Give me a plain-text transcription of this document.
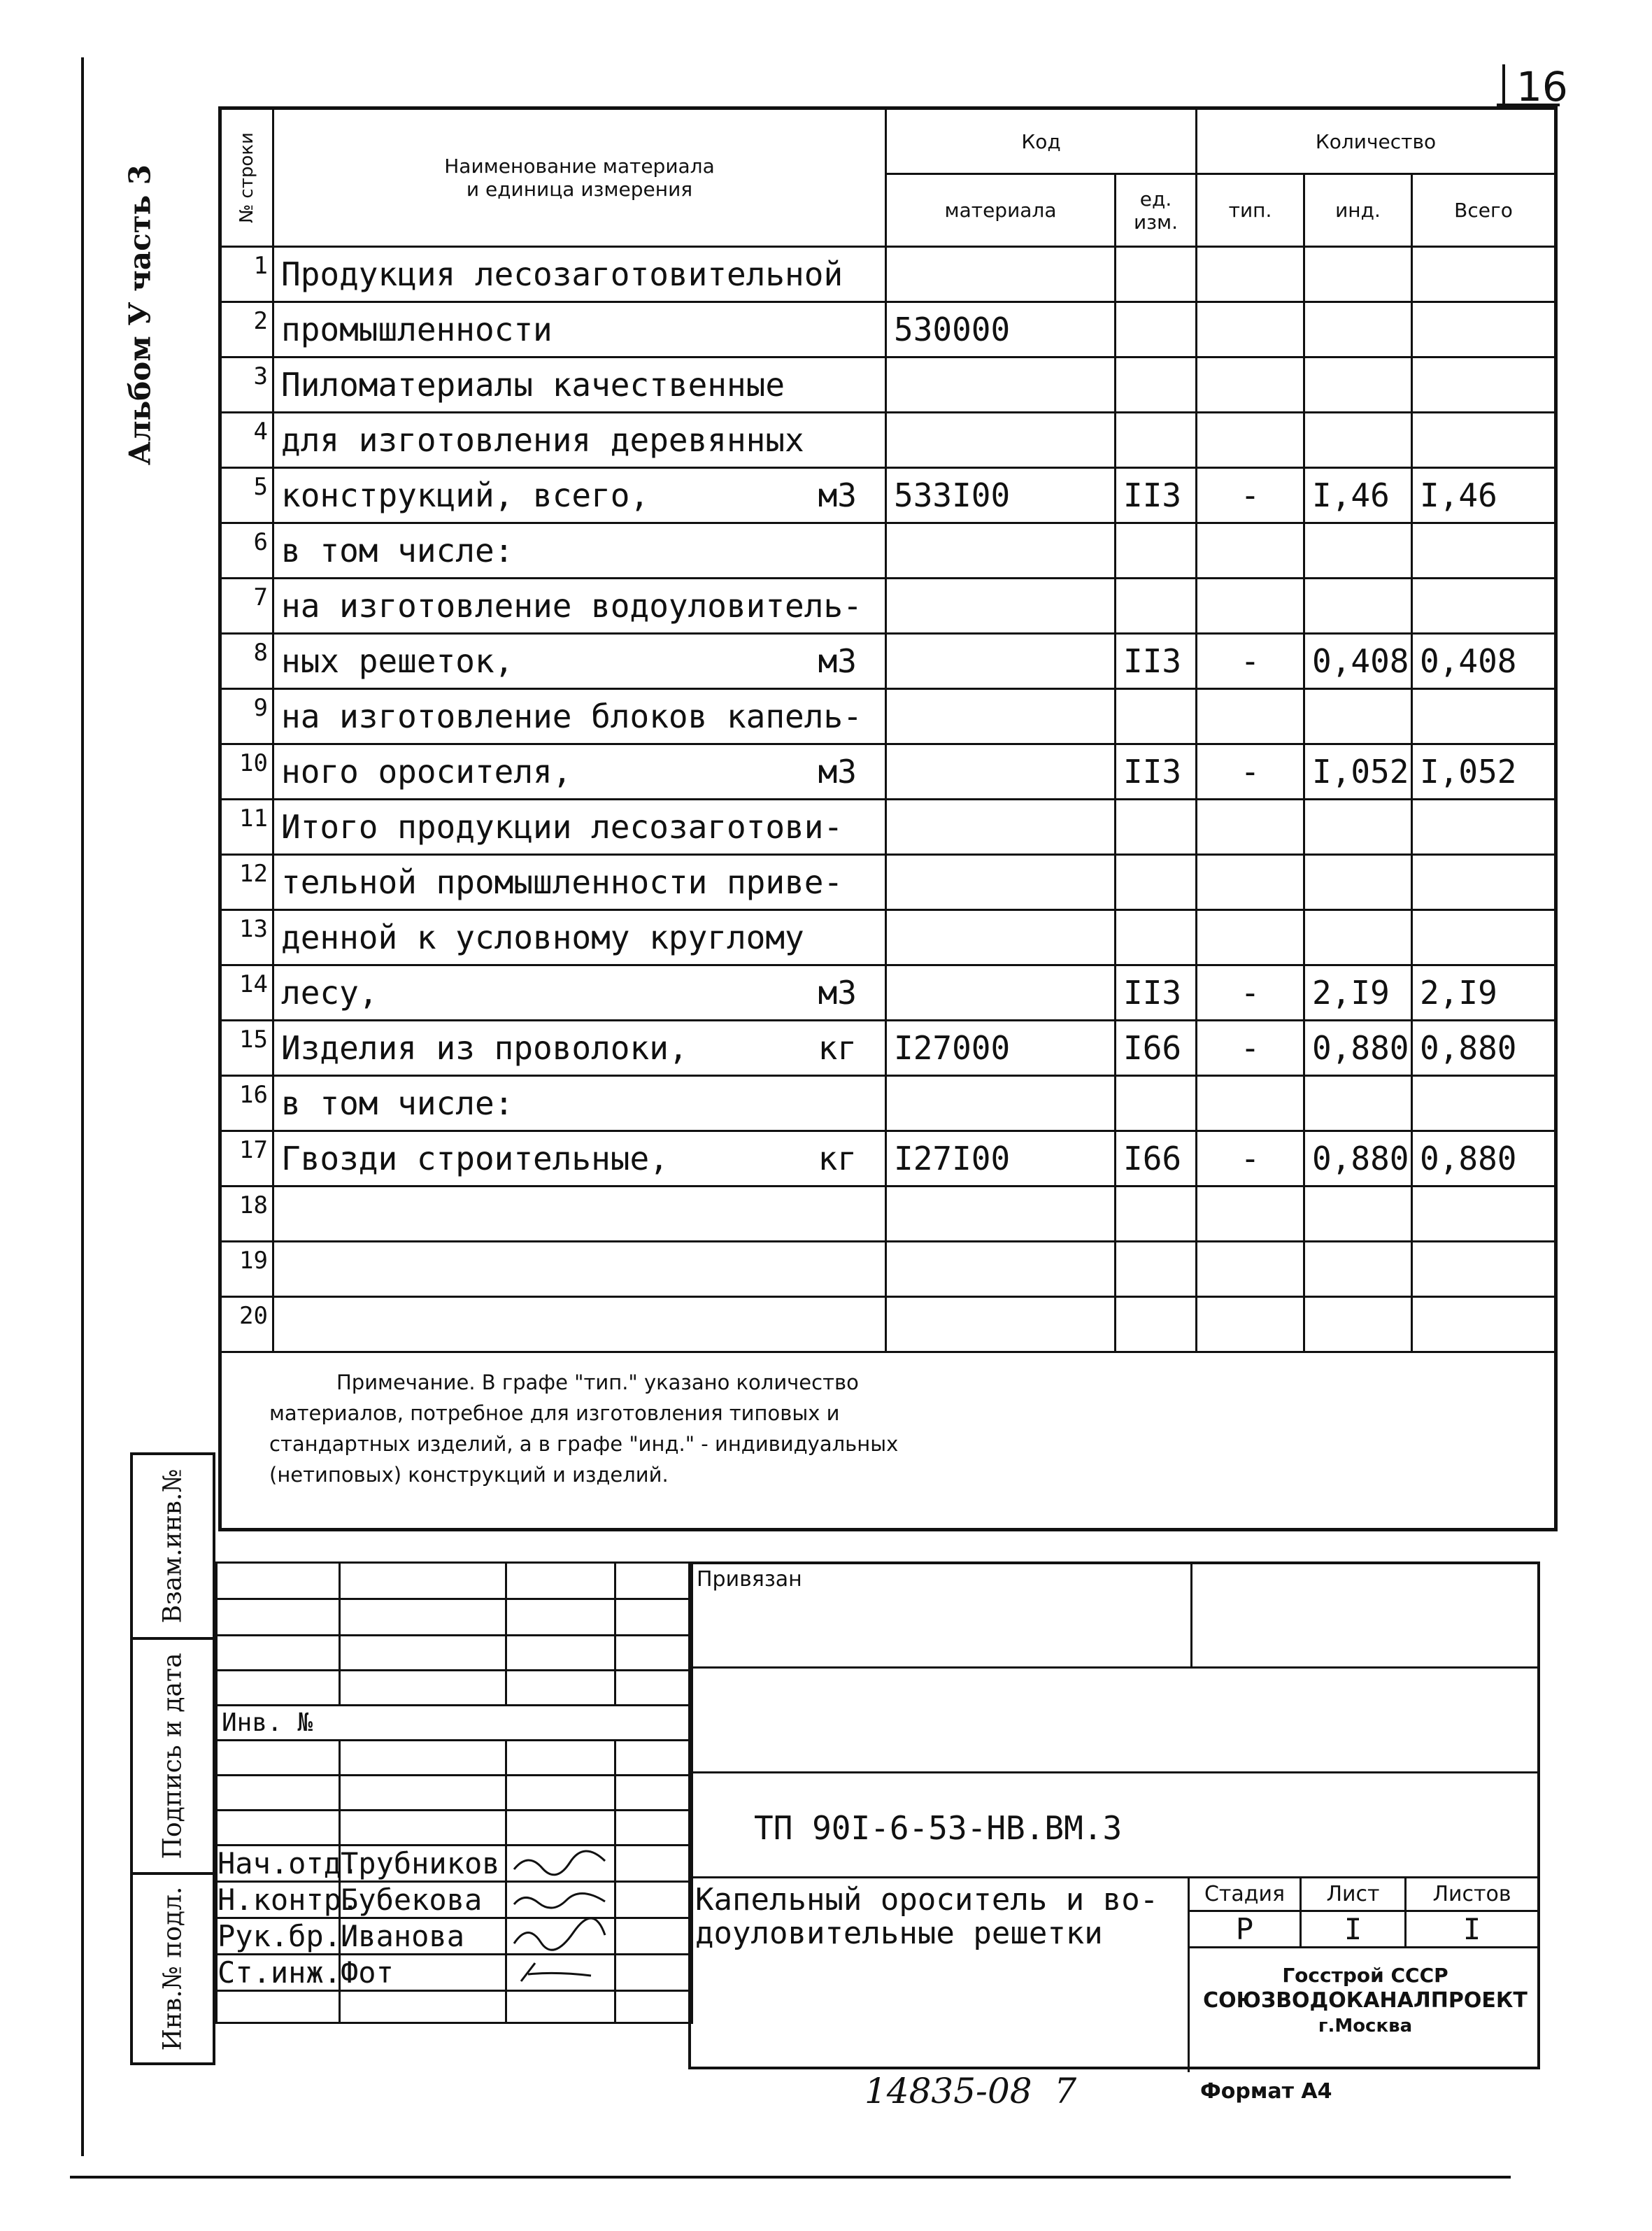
16
Альбом У часть 3	№ строки	Наименование материала
и единица измерения	Код		Количество		
		материала	ед.
изм.	тип.	инд.	Всего
1	Продукция лесозаготовительной

2	промышленности	530000				
3	Пиломатериалы качественные

4	для изготовления деревянных

5	конструкций, всего, м3	533I00	II3	-	I,46	I,46
6	в том числе:

7	на изготовление водоуловитель-

8	ных решеток, м3		II3	-	0,408	0,408
9	на изготовление блоков капель-

10	ного оросителя, м3		II3	-	I,052	I,052
11	Итого продукции лесозаготови-

12	тельной промышленности приве-

13	денной к условному круглому

14	лесу, м3		II3	-	2,I9	2,I9
15	Изделия из проволоки, кг	I27000	I66	-	0,880	0,880
16	в том числе:

17	Гвозди строительные, кг	I27I00	I66	-	0,880	0,880
18	

19	

20	

Примечание. В графе "тип." указано количество
материалов, потребное для изготовления типовых и
стандартных изделий, а в графе "инд." - индивидуальных
(нетиповых) конструкций и изделий.						
Взам.инв.№
Подпись и дата
Инв.№ подл.

Инв. №			

Нач.отд.	Трубников		
Н.контр.	Бубекова		
Рук.бр.	Иванова		
Ст.инж.	Фот		

Привязан
ТП 90I-6-53-НВ.ВМ.3
Капельный ороситель и во-
доуловительные решетки
Стадия	Лист	Листов
Р	I	I
Госстрой СССР
СОЮЗВОДОКАНАЛПРОЕКТ
г.Москва
14835-08  7	Формат А4
